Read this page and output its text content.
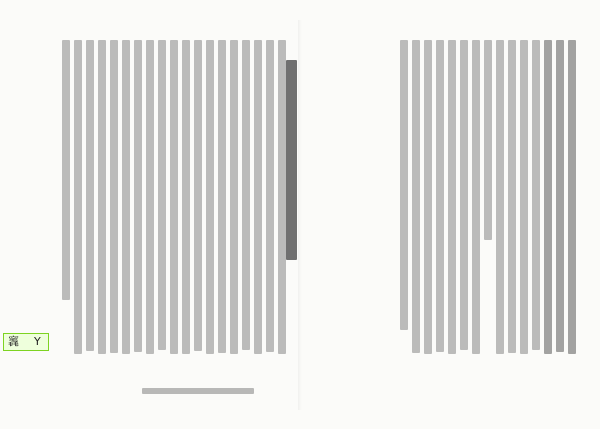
竁 Y
